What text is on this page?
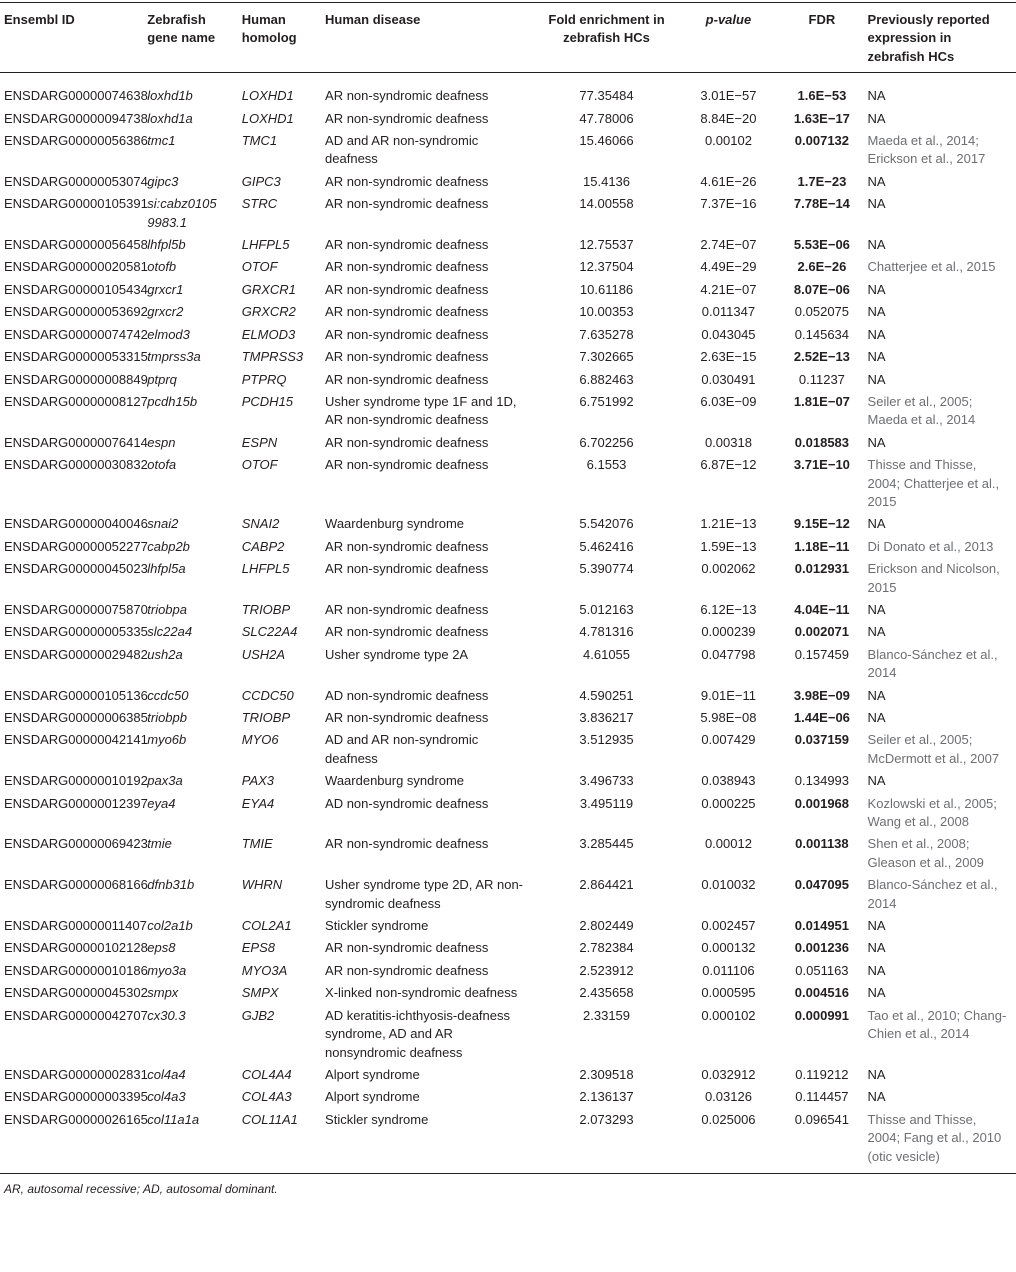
Ensembl ID	Zebrafish gene name	Human homolog	Human disease	Fold enrichment in zebrafish HCs	p-value	FDR	Previously reported expression in zebrafish HCs
ENSDARG00000074638	loxhd1b	LOXHD1	AR non-syndromic deafness	77.35484	3.01E−57	1.6E−53	NA
ENSDARG00000094738	loxhd1a	LOXHD1	AR non-syndromic deafness	47.78006	8.84E−20	1.63E−17	NA
ENSDARG00000056386	tmc1	TMC1	AD and AR non-syndromic deafness	15.46066	0.00102	0.007132	Maeda et al., 2014; Erickson et al., 2017
ENSDARG00000053074	gipc3	GIPC3	AR non-syndromic deafness	15.4136	4.61E−26	1.7E−23	NA
ENSDARG00000105391	si:cabz0105 9983.1	STRC	AR non-syndromic deafness	14.00558	7.37E−16	7.78E−14	NA
ENSDARG00000056458	lhfpl5b	LHFPL5	AR non-syndromic deafness	12.75537	2.74E−07	5.53E−06	NA
ENSDARG00000020581	otofb	OTOF	AR non-syndromic deafness	12.37504	4.49E−29	2.6E−26	Chatterjee et al., 2015
ENSDARG00000105434	grxcr1	GRXCR1	AR non-syndromic deafness	10.61186	4.21E−07	8.07E−06	NA
ENSDARG00000053692	grxcr2	GRXCR2	AR non-syndromic deafness	10.00353	0.011347	0.052075	NA
ENSDARG00000074742	elmod3	ELMOD3	AR non-syndromic deafness	7.635278	0.043045	0.145634	NA
ENSDARG00000053315	tmprss3a	TMPRSS3	AR non-syndromic deafness	7.302665	2.63E−15	2.52E−13	NA
ENSDARG00000008849	ptprq	PTPRQ	AR non-syndromic deafness	6.882463	0.030491	0.11237	NA
ENSDARG00000008127	pcdh15b	PCDH15	Usher syndrome type 1F and 1D, AR non-syndromic deafness	6.751992	6.03E−09	1.81E−07	Seiler et al., 2005; Maeda et al., 2014
ENSDARG00000076414	espn	ESPN	AR non-syndromic deafness	6.702256	0.00318	0.018583	NA
ENSDARG00000030832	otofa	OTOF	AR non-syndromic deafness	6.1553	6.87E−12	3.71E−10	Thisse and Thisse, 2004; Chatterjee et al., 2015
ENSDARG00000040046	snai2	SNAI2	Waardenburg syndrome	5.542076	1.21E−13	9.15E−12	NA
ENSDARG00000052277	cabp2b	CABP2	AR non-syndromic deafness	5.462416	1.59E−13	1.18E−11	Di Donato et al., 2013
ENSDARG00000045023	lhfpl5a	LHFPL5	AR non-syndromic deafness	5.390774	0.002062	0.012931	Erickson and Nicolson, 2015
ENSDARG00000075870	triobpa	TRIOBP	AR non-syndromic deafness	5.012163	6.12E−13	4.04E−11	NA
ENSDARG00000005335	slc22a4	SLC22A4	AR non-syndromic deafness	4.781316	0.000239	0.002071	NA
ENSDARG00000029482	ush2a	USH2A	Usher syndrome type 2A	4.61055	0.047798	0.157459	Blanco-Sánchez et al., 2014
ENSDARG00000105136	ccdc50	CCDC50	AD non-syndromic deafness	4.590251	9.01E−11	3.98E−09	NA
ENSDARG00000006385	triobpb	TRIOBP	AR non-syndromic deafness	3.836217	5.98E−08	1.44E−06	NA
ENSDARG00000042141	myo6b	MYO6	AD and AR non-syndromic deafness	3.512935	0.007429	0.037159	Seiler et al., 2005; McDermott et al., 2007
ENSDARG00000010192	pax3a	PAX3	Waardenburg syndrome	3.496733	0.038943	0.134993	NA
ENSDARG00000012397	eya4	EYA4	AD non-syndromic deafness	3.495119	0.000225	0.001968	Kozlowski et al., 2005; Wang et al., 2008
ENSDARG00000069423	tmie	TMIE	AR non-syndromic deafness	3.285445	0.00012	0.001138	Shen et al., 2008; Gleason et al., 2009
ENSDARG00000068166	dfnb31b	WHRN	Usher syndrome type 2D, AR non-syndromic deafness	2.864421	0.010032	0.047095	Blanco-Sánchez et al., 2014
ENSDARG00000011407	col2a1b	COL2A1	Stickler syndrome	2.802449	0.002457	0.014951	NA
ENSDARG00000102128	eps8	EPS8	AR non-syndromic deafness	2.782384	0.000132	0.001236	NA
ENSDARG00000010186	myo3a	MYO3A	AR non-syndromic deafness	2.523912	0.011106	0.051163	NA
ENSDARG00000045302	smpx	SMPX	X-linked non-syndromic deafness	2.435658	0.000595	0.004516	NA
ENSDARG00000042707	cx30.3	GJB2	AD keratitis-ichthyosis-deafness syndrome, AD and AR nonsyndromic deafness	2.33159	0.000102	0.000991	Tao et al., 2010; Chang-Chien et al., 2014
ENSDARG00000002831	col4a4	COL4A4	Alport syndrome	2.309518	0.032912	0.119212	NA
ENSDARG00000003395	col4a3	COL4A3	Alport syndrome	2.136137	0.03126	0.114457	NA
ENSDARG00000026165	col11a1a	COL11A1	Stickler syndrome	2.073293	0.025006	0.096541	Thisse and Thisse, 2004; Fang et al., 2010 (otic vesicle)
AR, autosomal recessive; AD, autosomal dominant.
